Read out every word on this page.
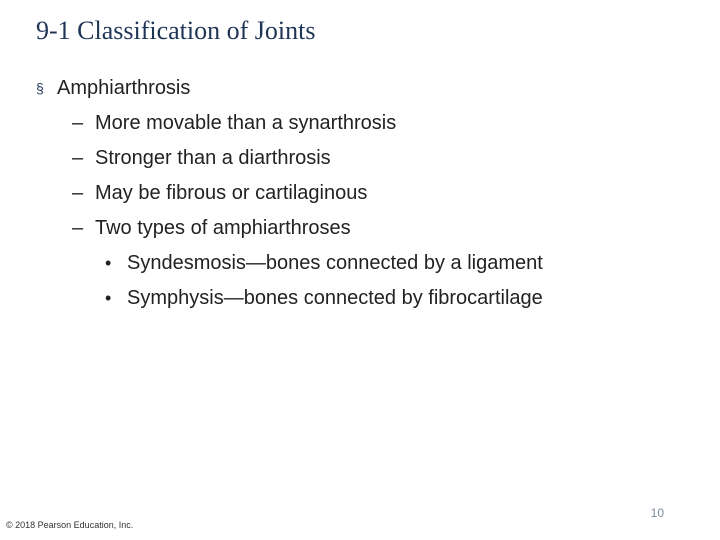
9-1 Classification of Joints
§ Amphiarthrosis
– More movable than a synarthrosis
– Stronger than a diarthrosis
– May be fibrous or cartilaginous
– Two types of amphiarthroses
• Syndesmosis—bones connected by a ligament
• Symphysis—bones connected by fibrocartilage
10
© 2018 Pearson Education, Inc.
